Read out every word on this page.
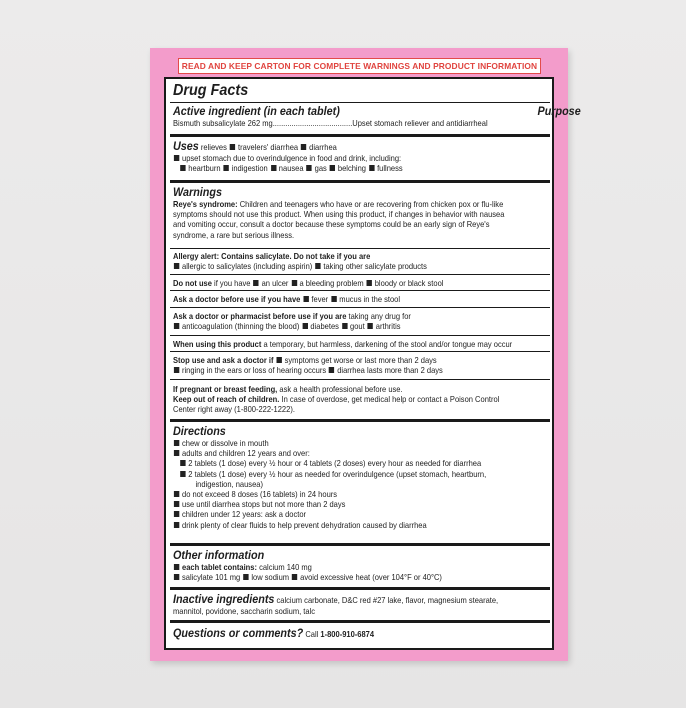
READ AND KEEP CARTON FOR COMPLETE WARNINGS AND PRODUCT INFORMATION
Drug Facts
Active ingredient (in each tablet)	Purpose
Bismuth subsalicylate 262 mg......................................Upset stomach reliever and antidiarrheal
Uses relieves travelers' diarrhea diarrhea
upset stomach due to overindulgence in food and drink, including:
heartburn indigestion nausea gas belching fullness
Warnings
Reye's syndrome: Children and teenagers who have or are recovering from chicken pox or flu-like
symptoms should not use this product. When using this product, if changes in behavior with nausea
and vomiting occur, consult a doctor because these symptoms could be an early sign of Reye's
syndrome, a rare but serious illness.
Allergy alert: Contains salicylate. Do not take if you are
allergic to salicylates (including aspirin) taking other salicylate products
Do not use if you have an ulcer a bleeding problem bloody or black stool
Ask a doctor before use if you have fever mucus in the stool
Ask a doctor or pharmacist before use if you are taking any drug for
anticoagulation (thinning the blood) diabetes gout arthritis
When using this product a temporary, but harmless, darkening of the stool and/or tongue may occur
Stop use and ask a doctor if symptoms get worse or last more than 2 days
ringing in the ears or loss of hearing occurs diarrhea lasts more than 2 days
If pregnant or breast feeding, ask a health professional before use.
Keep out of reach of children. In case of overdose, get medical help or contact a Poison Control
Center right away (1-800-222-1222).
Directions
chew or dissolve in mouth
adults and children 12 years and over:
2 tablets (1 dose) every ½ hour or 4 tablets (2 doses) every hour as needed for diarrhea
2 tablets (1 dose) every ½ hour as needed for overindulgence (upset stomach, heartburn,
indigestion, nausea)
do not exceed 8 doses (16 tablets) in 24 hours
use until diarrhea stops but not more than 2 days
children under 12 years: ask a doctor
drink plenty of clear fluids to help prevent dehydration caused by diarrhea
Other information
each tablet contains: calcium 140 mg
salicylate 101 mg low sodium avoid excessive heat (over 104°F or 40°C)
Inactive ingredients calcium carbonate, D&C red #27 lake, flavor, magnesium stearate,
mannitol, povidone, saccharin sodium, talc
Questions or comments? Call 1-800-910-6874
